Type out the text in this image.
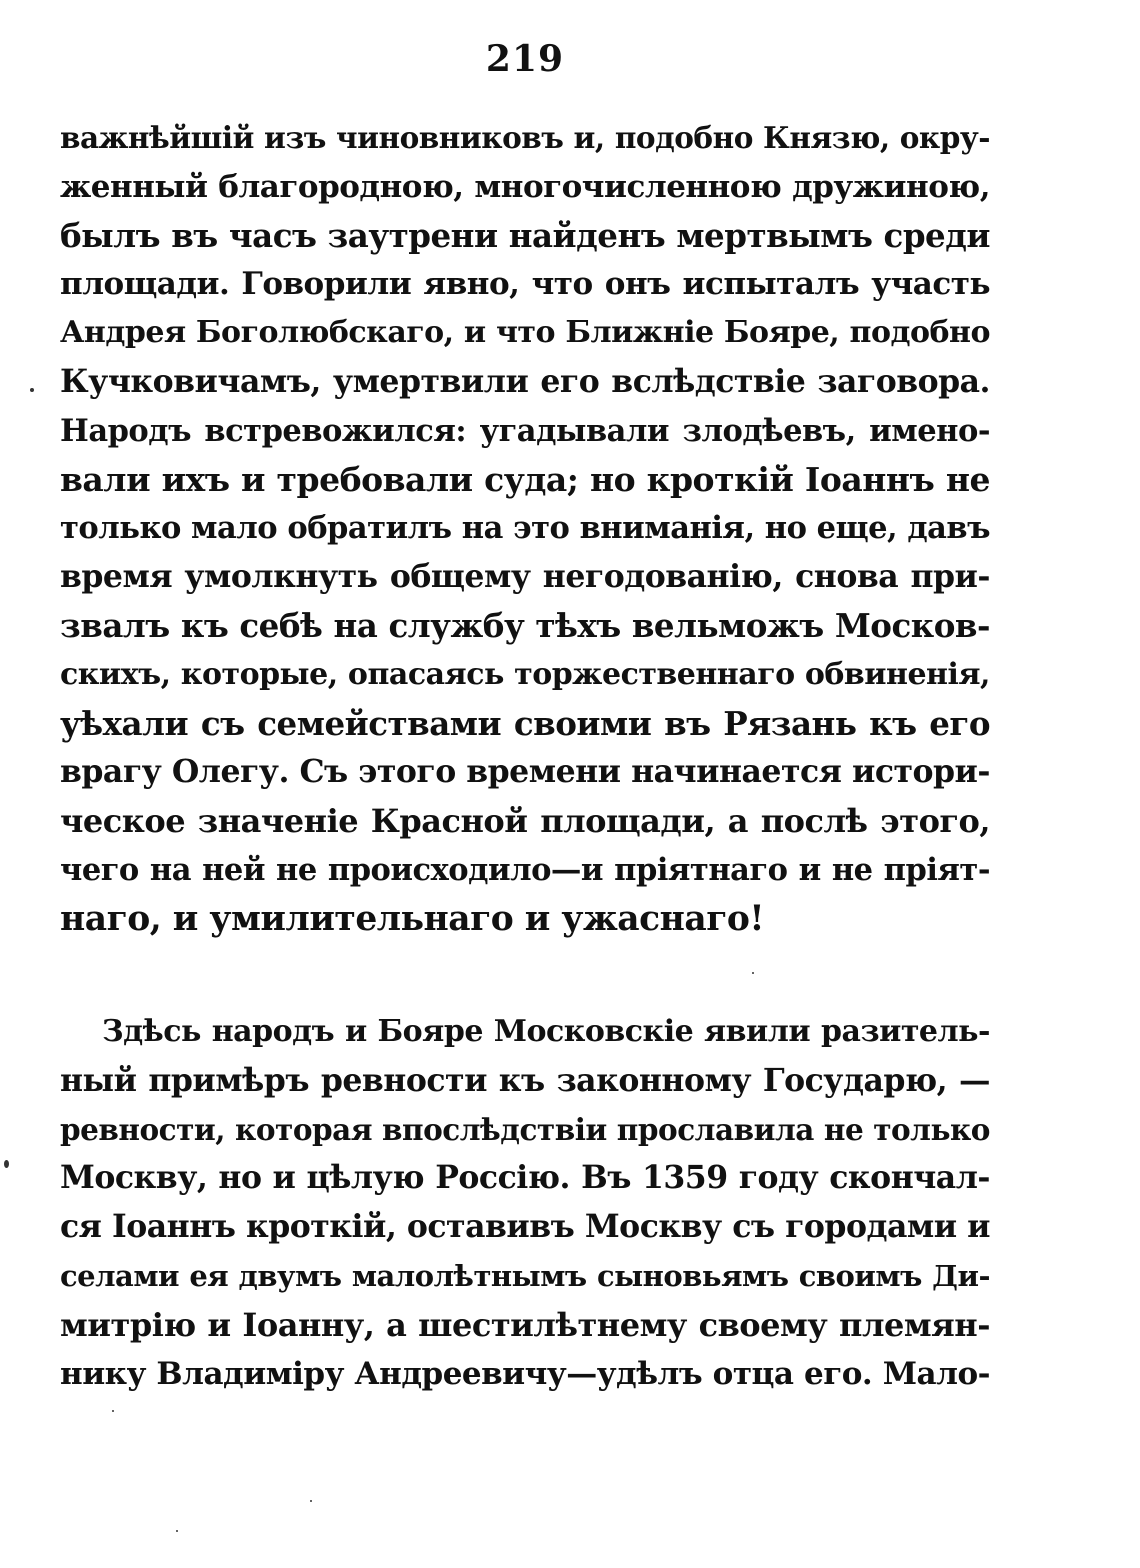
219
важнѣйшій изъ чиновниковъ и, подобно Князю, окру-
женный благородною, многочисленною дружиною,
былъ въ часъ заутрени найденъ мертвымъ среди
площади. Говорили явно, что онъ испыталъ участь
Андрея Боголюбскаго, и что Ближніе Бояре, подобно
Кучковичамъ, умертвили его вслѣдствіе заговора.
Народъ встревожился: угадывали злодѣевъ, имено-
вали ихъ и требовали суда; но кроткій Іоаннъ не
только мало обратилъ на это вниманія, но еще, давъ
время умолкнуть общему негодованію, снова при-
звалъ къ себѣ на службу тѣхъ вельможъ Москов-
скихъ, которые, опасаясь торжественнаго обвиненія,
уѣхали съ семействами своими въ Рязань къ его
врагу Олегу. Съ этого времени начинается истори-
ческое значеніе Красной площади, а послѣ этого,
чего на ней не происходило—и пріятнаго и не пріят-
наго, и умилительнаго и ужаснаго!
Здѣсь народъ и Бояре Московскіе явили разитель-
ный примѣръ ревности къ законному Государю, —
ревности, которая впослѣдствіи прославила не только
Москву, но и цѣлую Россію. Въ 1359 году скончал-
ся Іоаннъ кроткій, оставивъ Москву съ городами и
селами ея двумъ малолѣтнымъ сыновьямъ своимъ Ди-
митрію и Іоанну, а шестилѣтнему своему племян-
нику Владиміру Андреевичу—удѣлъ отца его. Мало-
